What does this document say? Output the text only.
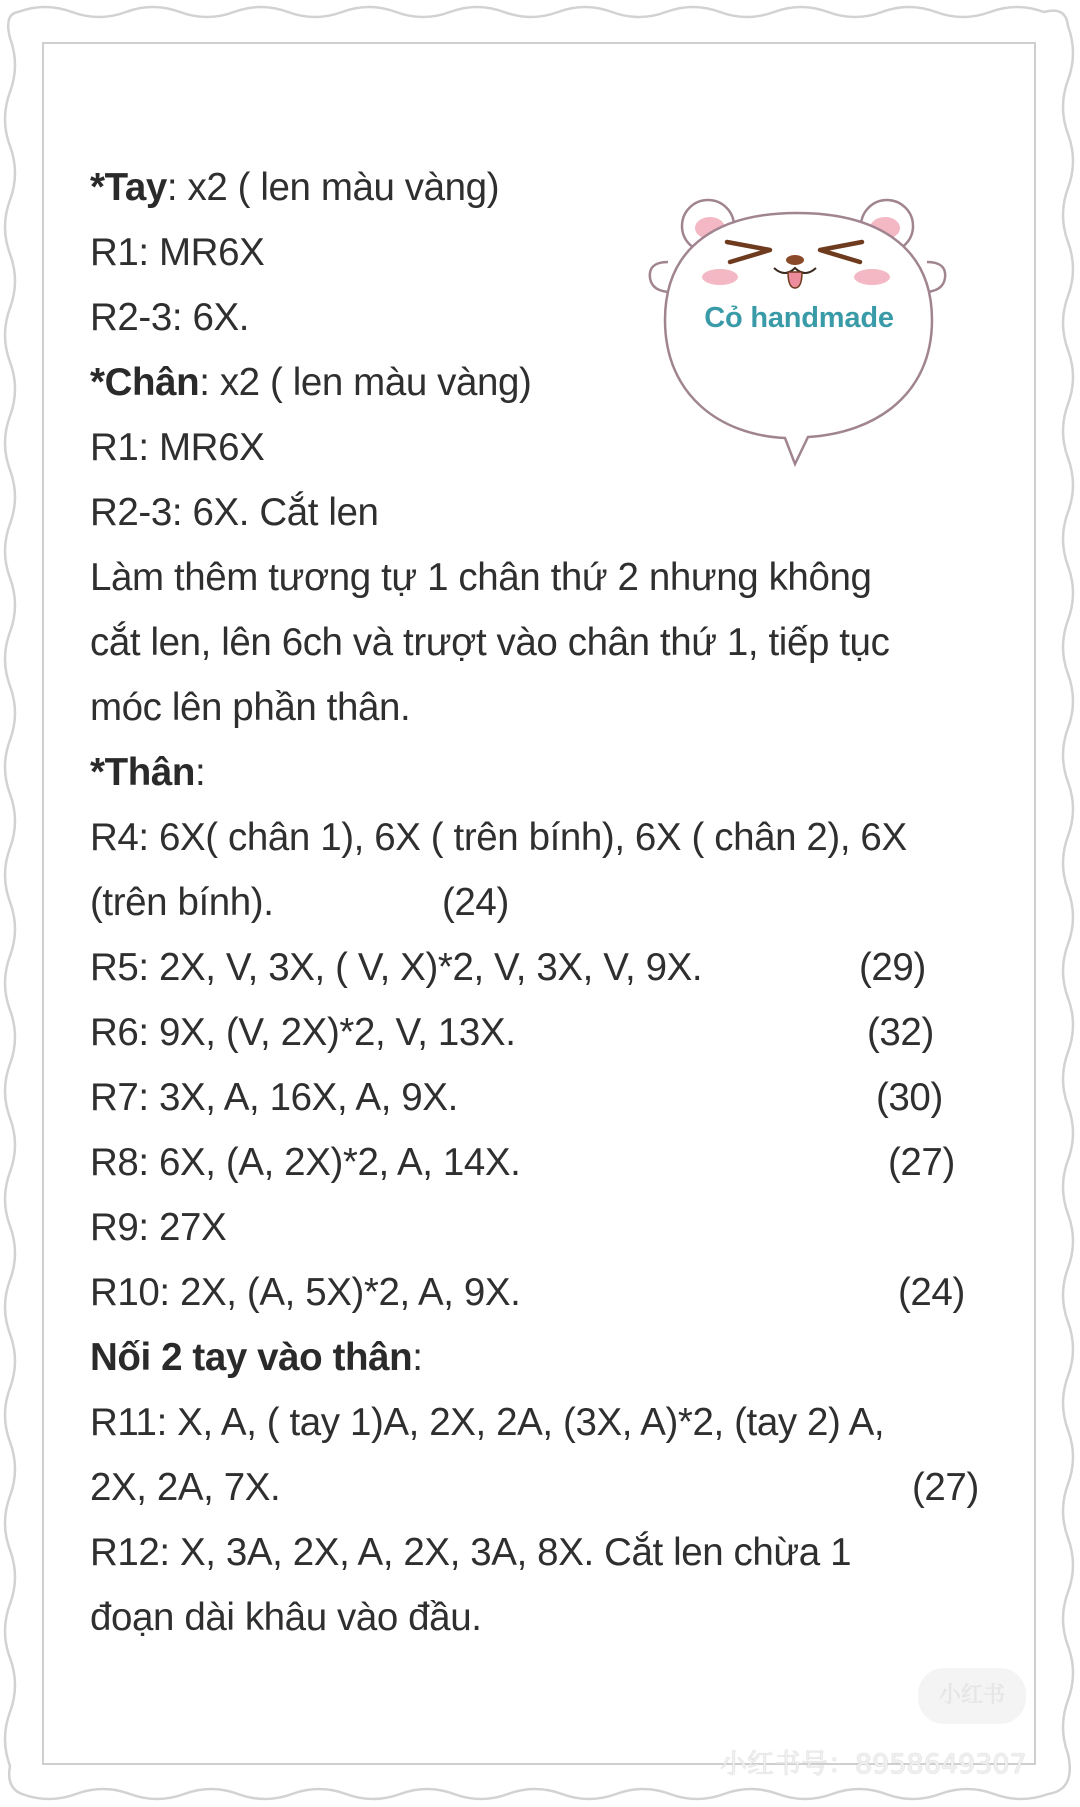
*Tay: x2 ( len màu vàng)
R1: MR6X
R2-3: 6X.
*Chân: x2 ( len màu vàng)
R1: MR6X
R2-3: 6X. Cắt len
Làm thêm tương tự 1 chân thứ 2 nhưng không
cắt len, lên 6ch và trượt vào chân thứ 1, tiếp tục
móc lên phần thân.
*Thân:
R4: 6X( chân 1), 6X ( trên bính), 6X ( chân 2), 6X
(trên bính).	(24)
R5: 2X, V, 3X, ( V, X)*2, V, 3X, V, 9X.	(29)
R6: 9X, (V, 2X)*2, V, 13X.	(32)
R7: 3X, A, 16X, A, 9X.	(30)
R8: 6X, (A, 2X)*2, A, 14X.	(27)
R9: 27X
R10: 2X, (A, 5X)*2, A, 9X.	(24)
Nối 2 tay vào thân:
R11: X, A, ( tay 1)A, 2X, 2A, (3X, A)*2, (tay 2) A,
2X, 2A, 7X.	(27)
R12: X, 3A, 2X, A, 2X, 3A, 8X. Cắt len chừa 1
đoạn dài khâu vào đầu.
Cỏ handmade
小红书
小红书号：8958649307
